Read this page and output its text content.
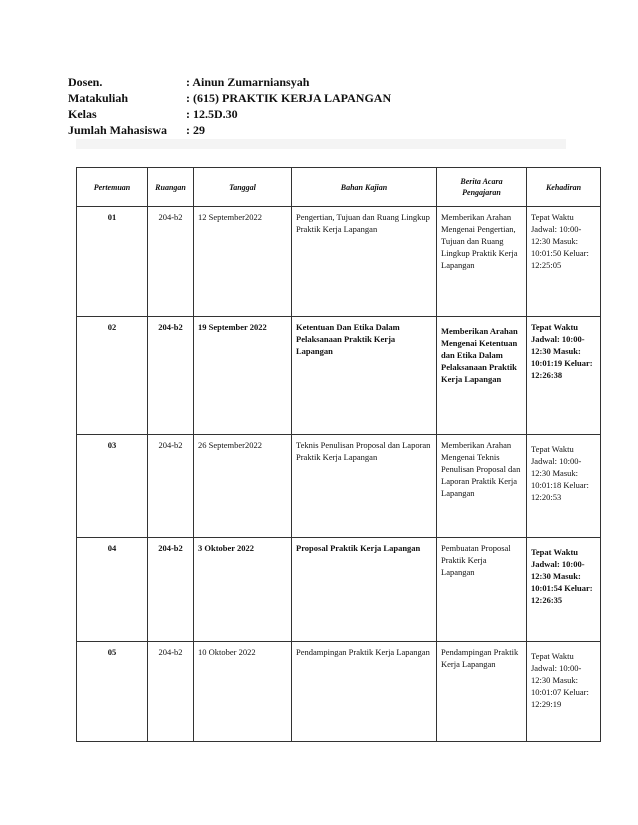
Dosen.	: Ainun Zumarniansyah
Matakuliah	: (615) PRAKTIK KERJA LAPANGAN
Kelas	: 12.5D.30
Jumlah Mahasiswa	: 29
Pertemuan	Ruangan	Tanggal	Bahan Kajian	Berita Acara Pengajaran	Kehadiran
01	204-b2	12 September2022	Pengertian, Tujuan dan Ruang Lingkup Praktik Kerja Lapangan	Memberikan Arahan Mengenai Pengertian, Tujuan dan Ruang Lingkup Praktik Kerja Lapangan	Tepat Waktu Jadwal: 10:00-12:30 Masuk: 10:01:50 Keluar: 12:25:05
02	204-b2	19 September 2022	Ketentuan Dan Etika Dalam Pelaksanaan Praktik Kerja Lapangan	Memberikan Arahan Mengenai Ketentuan dan Etika Dalam Pelaksanaan Praktik Kerja Lapangan	Tepat Waktu Jadwal: 10:00-12:30 Masuk: 10:01:19 Keluar: 12:26:38
03	204-b2	26 September2022	Teknis Penulisan Proposal dan Laporan Praktik Kerja Lapangan	Memberikan Arahan Mengenai Teknis Penulisan Proposal dan Laporan Praktik Kerja Lapangan	Tepat Waktu Jadwal: 10:00-12:30 Masuk: 10:01:18 Keluar: 12:20:53
04	204-b2	3 Oktober 2022	Proposal Praktik Kerja Lapangan	Pembuatan Proposal Praktik Kerja Lapangan	Tepat Waktu Jadwal: 10:00-12:30 Masuk: 10:01:54 Keluar: 12:26:35
05	204-b2	10 Oktober 2022	Pendampingan Praktik Kerja Lapangan	Pendampingan Praktik Kerja Lapangan	Tepat Waktu Jadwal: 10:00-12:30 Masuk: 10:01:07 Keluar: 12:29:19
